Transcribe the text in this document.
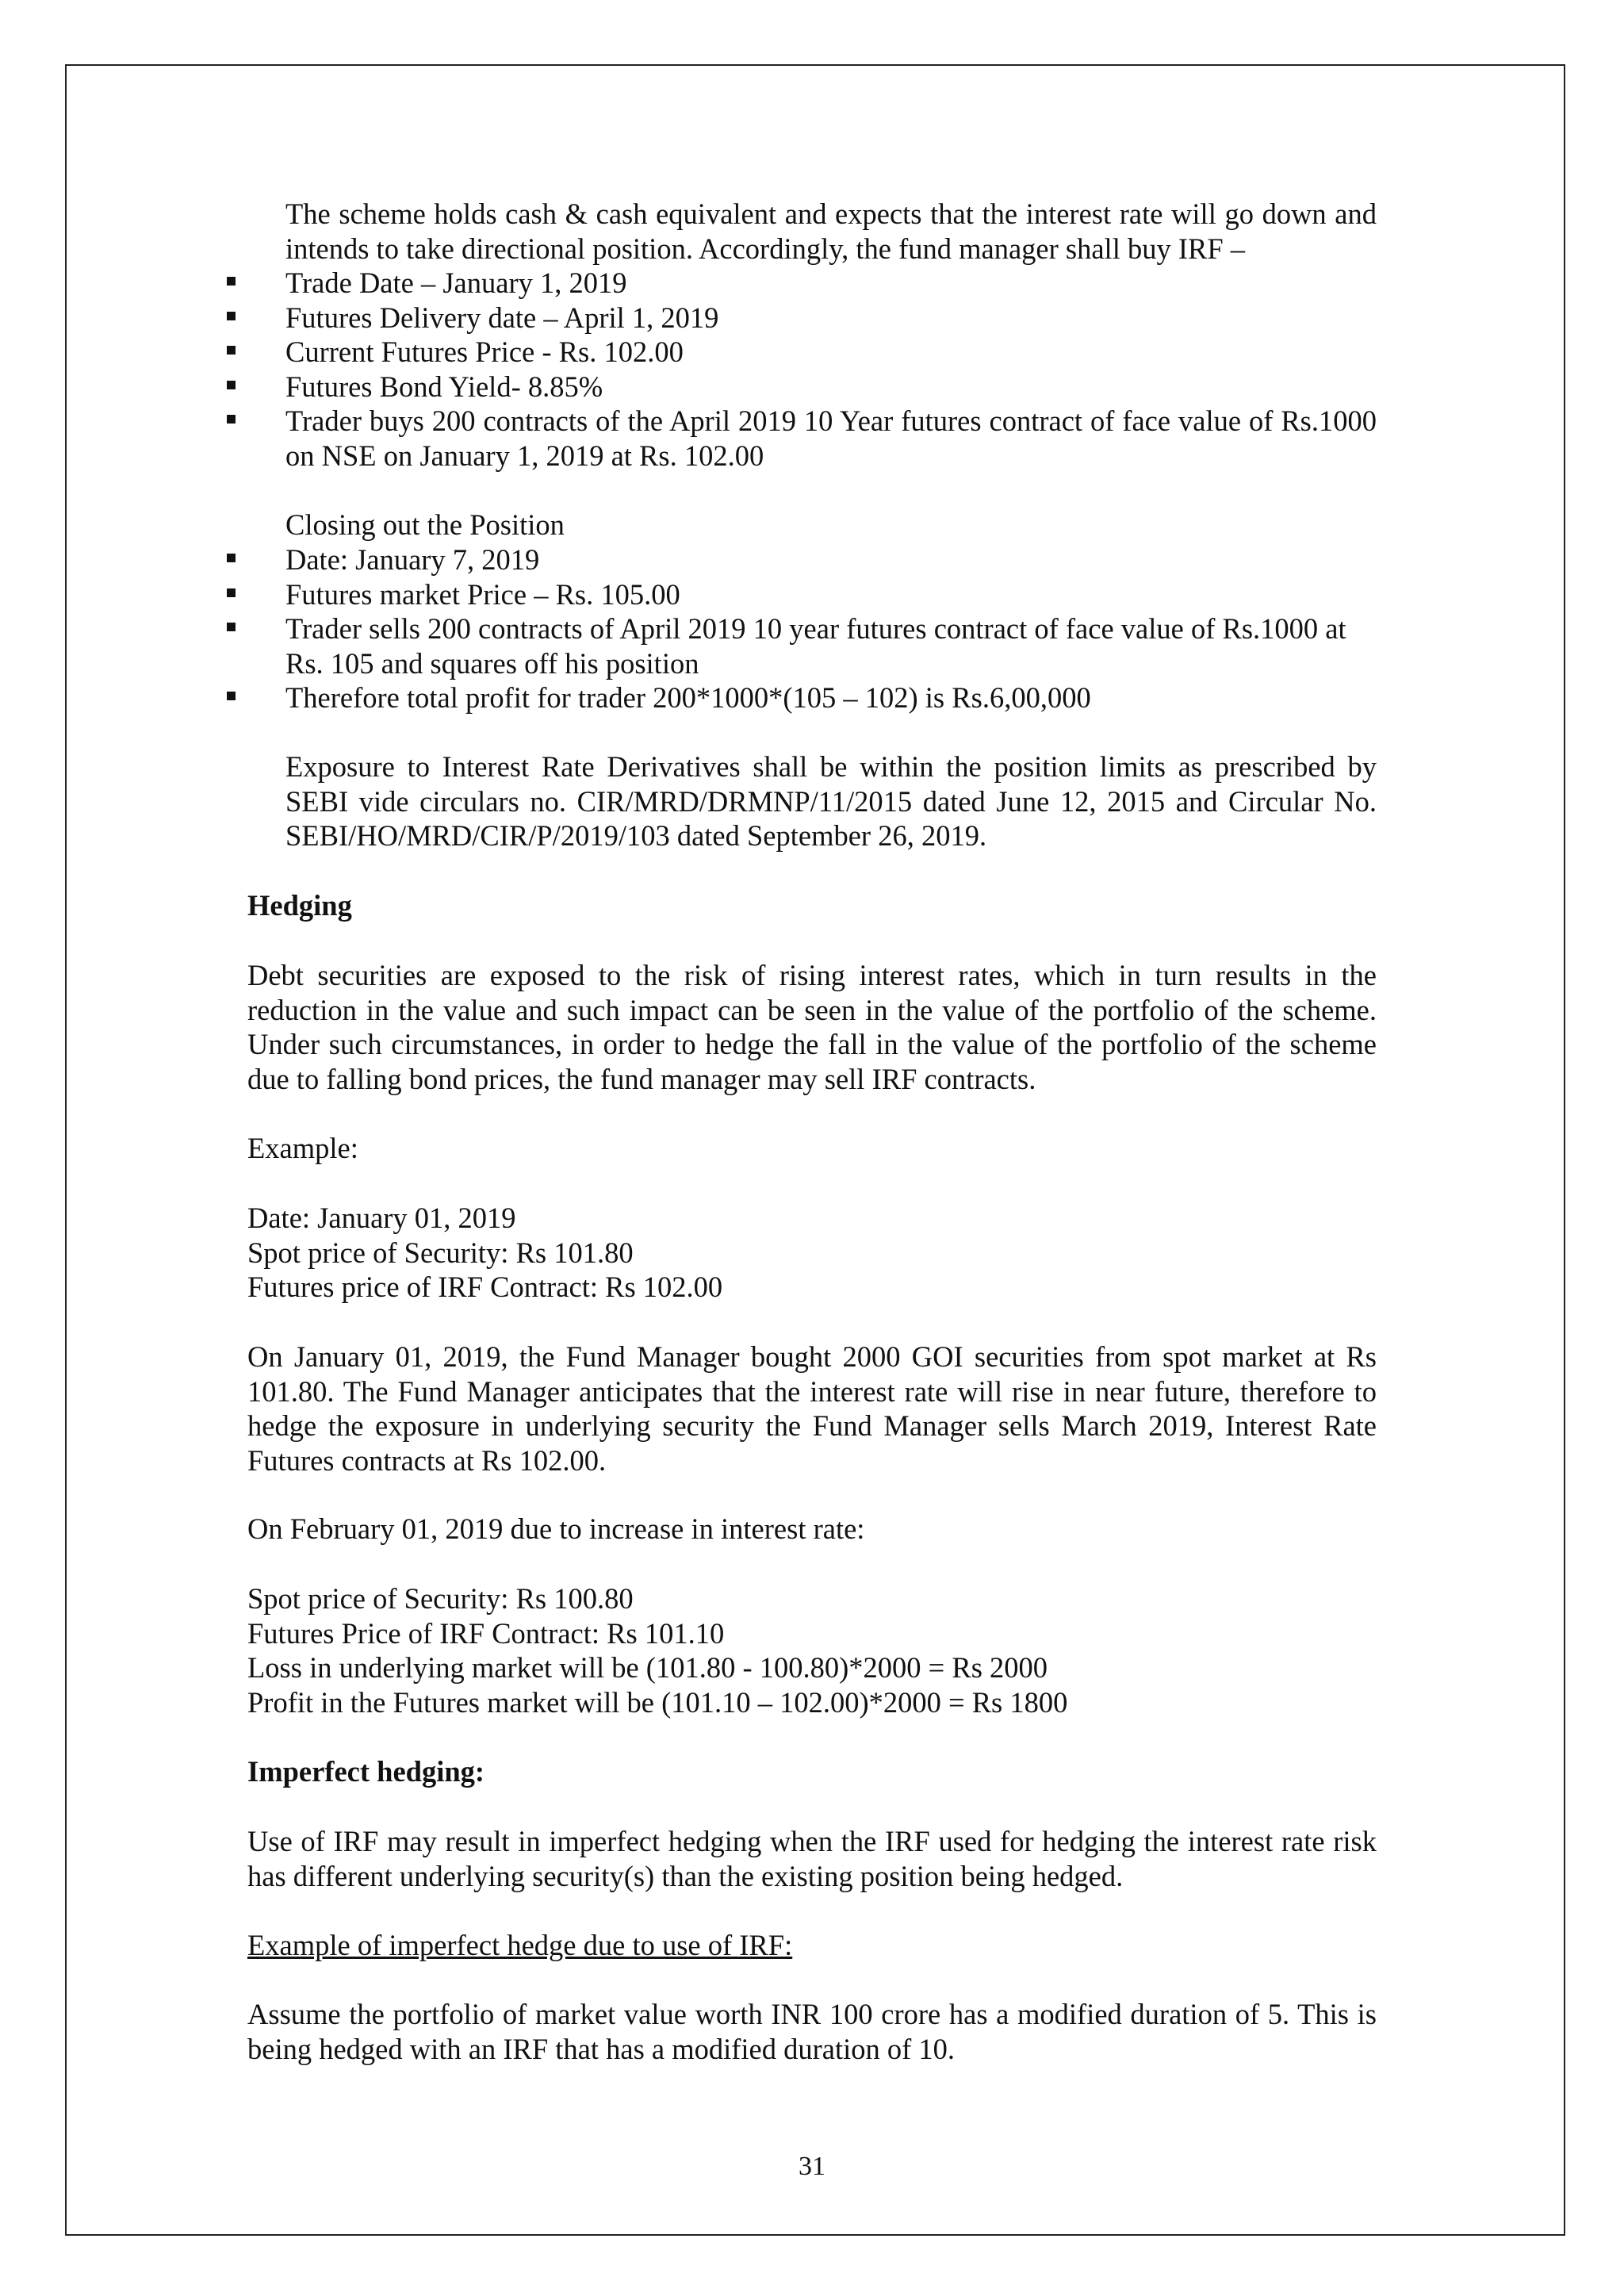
The scheme holds cash & cash equivalent and expects that the interest rate will go down and intends to take directional position. Accordingly, the fund manager shall buy IRF –

Trade Date – January 1, 2019
Futures Delivery date – April 1, 2019
Current Futures Price - Rs. 102.00
Futures Bond Yield- 8.85%
Trader buys 200 contracts of the April 2019 10 Year futures contract of face value of Rs.1000 on NSE on January 1, 2019 at Rs. 102.00

Closing out the Position

Date: January 7, 2019
Futures market Price – Rs. 105.00
Trader sells 200 contracts of April 2019 10 year futures contract of face value of Rs.1000 at Rs. 105 and squares off his position
Therefore total profit for trader 200*1000*(105 – 102) is Rs.6,00,000

Exposure to Interest Rate Derivatives shall be within the position limits as prescribed by SEBI vide circulars no. CIR/MRD/DRMNP/11/2015 dated June 12, 2015 and Circular No. SEBI/HO/MRD/CIR/P/2019/103 dated September 26, 2019.

Hedging

Debt securities are exposed to the risk of rising interest rates, which in turn results in the reduction in the value and such impact can be seen in the value of the portfolio of the scheme. Under such circumstances, in order to hedge the fall in the value of the portfolio of the scheme due to falling bond prices, the fund manager may sell IRF contracts.

Example:

Date: January 01, 2019
Spot price of Security: Rs 101.80
Futures price of IRF Contract: Rs 102.00

On January 01, 2019, the Fund Manager bought 2000 GOI securities from spot market at Rs 101.80. The Fund Manager anticipates that the interest rate will rise in near future, therefore to hedge the exposure in underlying security the Fund Manager sells March 2019, Interest Rate Futures contracts at Rs 102.00.

On February 01, 2019 due to increase in interest rate:

Spot price of Security: Rs 100.80
Futures Price of IRF Contract: Rs 101.10
Loss in underlying market will be (101.80 - 100.80)*2000 = Rs 2000
Profit in the Futures market will be (101.10 – 102.00)*2000 = Rs 1800

Imperfect hedging:

Use of IRF may result in imperfect hedging when the IRF used for hedging the interest rate risk has different underlying security(s) than the existing position being hedged.

Example of imperfect hedge due to use of IRF:

Assume the portfolio of market value worth INR 100 crore has a modified duration of 5. This is being hedged with an IRF that has a modified duration of 10.

31
